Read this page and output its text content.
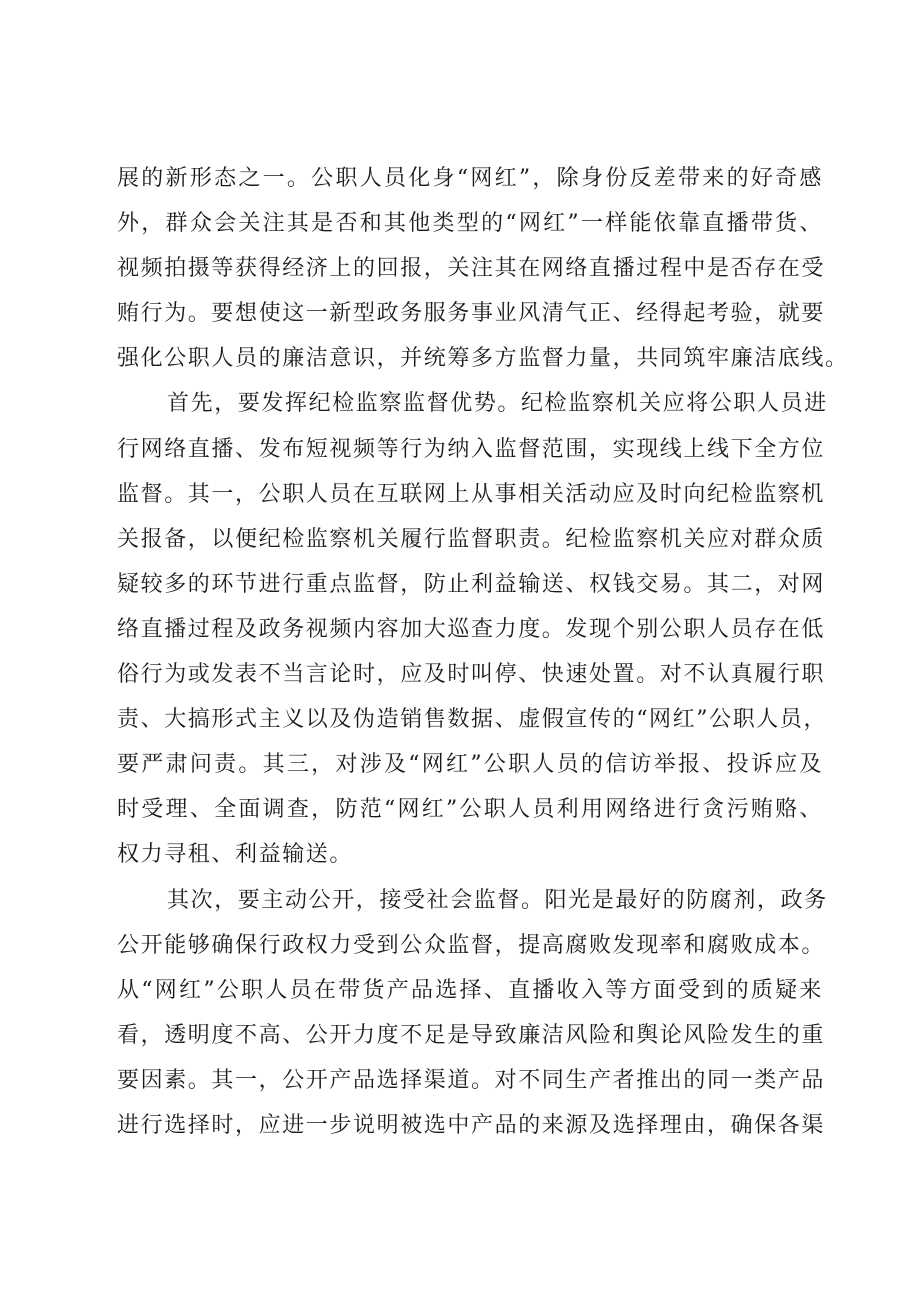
展的新形态之一。公职人员化身“网红”，除身份反差带来的好奇感
外，群众会关注其是否和其他类型的“网红”一样能依靠直播带货、
视频拍摄等获得经济上的回报，关注其在网络直播过程中是否存在受
贿行为。要想使这一新型政务服务事业风清气正、经得起考验，就要
强化公职人员的廉洁意识，并统筹多方监督力量，共同筑牢廉洁底线。
首先，要发挥纪检监察监督优势。纪检监察机关应将公职人员进
行网络直播、发布短视频等行为纳入监督范围，实现线上线下全方位
监督。其一，公职人员在互联网上从事相关活动应及时向纪检监察机
关报备，以便纪检监察机关履行监督职责。纪检监察机关应对群众质
疑较多的环节进行重点监督，防止利益输送、权钱交易。其二，对网
络直播过程及政务视频内容加大巡查力度。发现个别公职人员存在低
俗行为或发表不当言论时，应及时叫停、快速处置。对不认真履行职
责、大搞形式主义以及伪造销售数据、虚假宣传的“网红”公职人员，
要严肃问责。其三，对涉及“网红”公职人员的信访举报、投诉应及
时受理、全面调查，防范“网红”公职人员利用网络进行贪污贿赂、
权力寻租、利益输送。
其次，要主动公开，接受社会监督。阳光是最好的防腐剂，政务
公开能够确保行政权力受到公众监督，提高腐败发现率和腐败成本。
从“网红”公职人员在带货产品选择、直播收入等方面受到的质疑来
看，透明度不高、公开力度不足是导致廉洁风险和舆论风险发生的重
要因素。其一，公开产品选择渠道。对不同生产者推出的同一类产品
进行选择时，应进一步说明被选中产品的来源及选择理由，确保各渠
